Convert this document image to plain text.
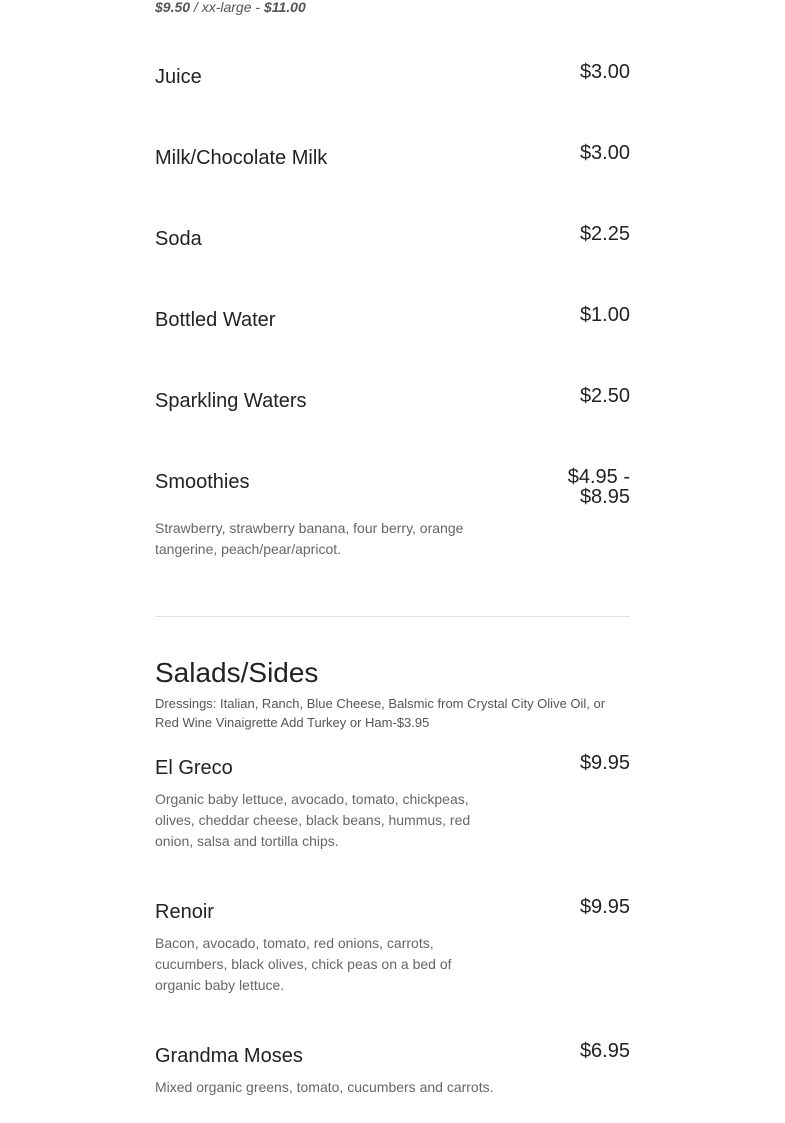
$9.50 / xx-large - $11.00

Juice	$3.00
Milk/Chocolate Milk	$3.00
Soda	$2.25
Bottled Water	$1.00
Sparkling Waters	$2.50
Smoothies	$4.95 -
$8.95

Strawberry, strawberry banana, four berry, orange tangerine, peach/pear/apricot.

Salads/Sides

Dressings: Italian, Ranch, Blue Cheese, Balsmic from Crystal City Olive Oil, or Red Wine Vinaigrette Add Turkey or Ham-$3.95

El Greco	$9.95

Organic baby lettuce, avocado, tomato, chickpeas, olives, cheddar cheese, black beans, hummus, red onion, salsa and tortilla chips.

Renoir	$9.95

Bacon, avocado, tomato, red onions, carrots, cucumbers, black olives, chick peas on a bed of organic baby lettuce.

Grandma Moses	$6.95

Mixed organic greens, tomato, cucumbers and carrots.
